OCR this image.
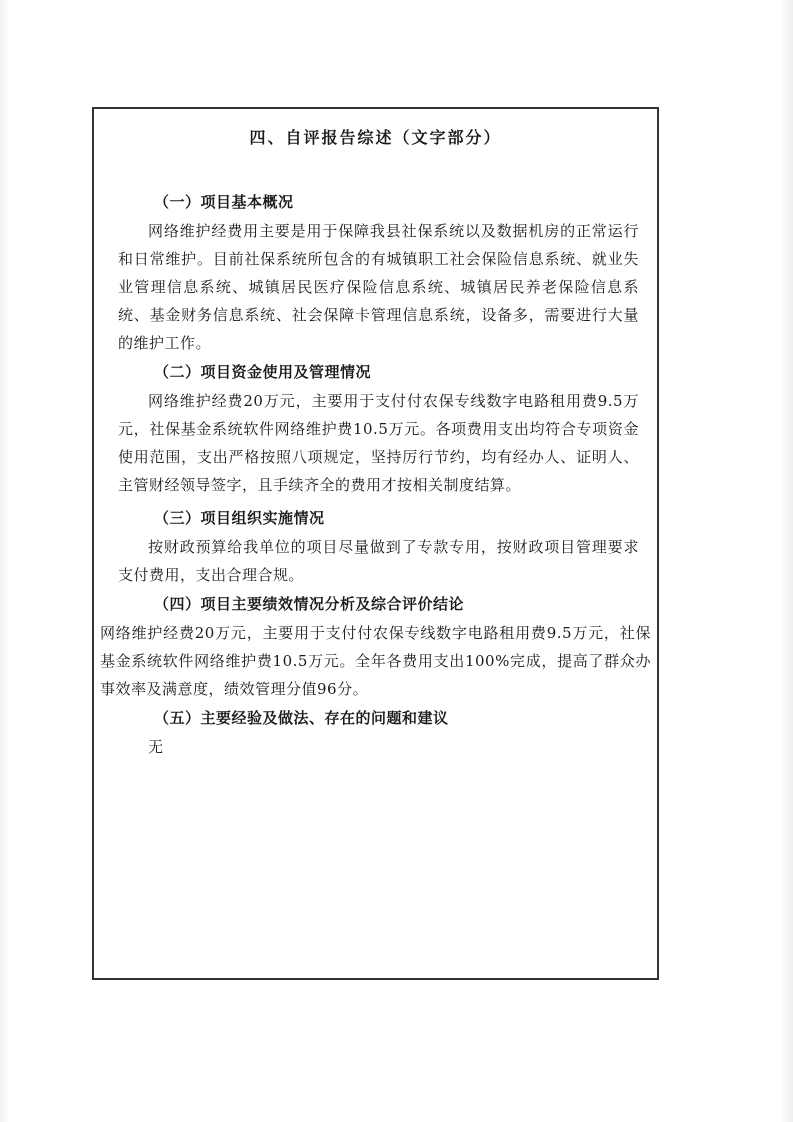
四、自评报告综述（文字部分）
（一）项目基本概况

网络维护经费用主要是用于保障我县社保系统以及数据机房的正常运行和日常维护。目前社保系统所包含的有城镇职工社会保险信息系统、就业失业管理信息系统、城镇居民医疗保险信息系统、城镇居民养老保险信息系统、基金财务信息系统、社会保障卡管理信息系统，设备多，需要进行大量的维护工作。

（二）项目资金使用及管理情况

网络维护经费20万元，主要用于支付付农保专线数字电路租用费9.5万元，社保基金系统软件网络维护费10.5万元。各项费用支出均符合专项资金使用范围，支出严格按照八项规定，坚持厉行节约，均有经办人、证明人、主管财经领导签字，且手续齐全的费用才按相关制度结算。

（三）项目组织实施情况

按财政预算给我单位的项目尽量做到了专款专用，按财政项目管理要求支付费用，支出合理合规。

（四）项目主要绩效情况分析及综合评价结论

网络维护经费20万元，主要用于支付付农保专线数字电路租用费9.5万元，社保基金系统软件网络维护费10.5万元。全年各费用支出100%完成，提高了群众办事效率及满意度，绩效管理分值96分。

（五）主要经验及做法、存在的问题和建议

无
